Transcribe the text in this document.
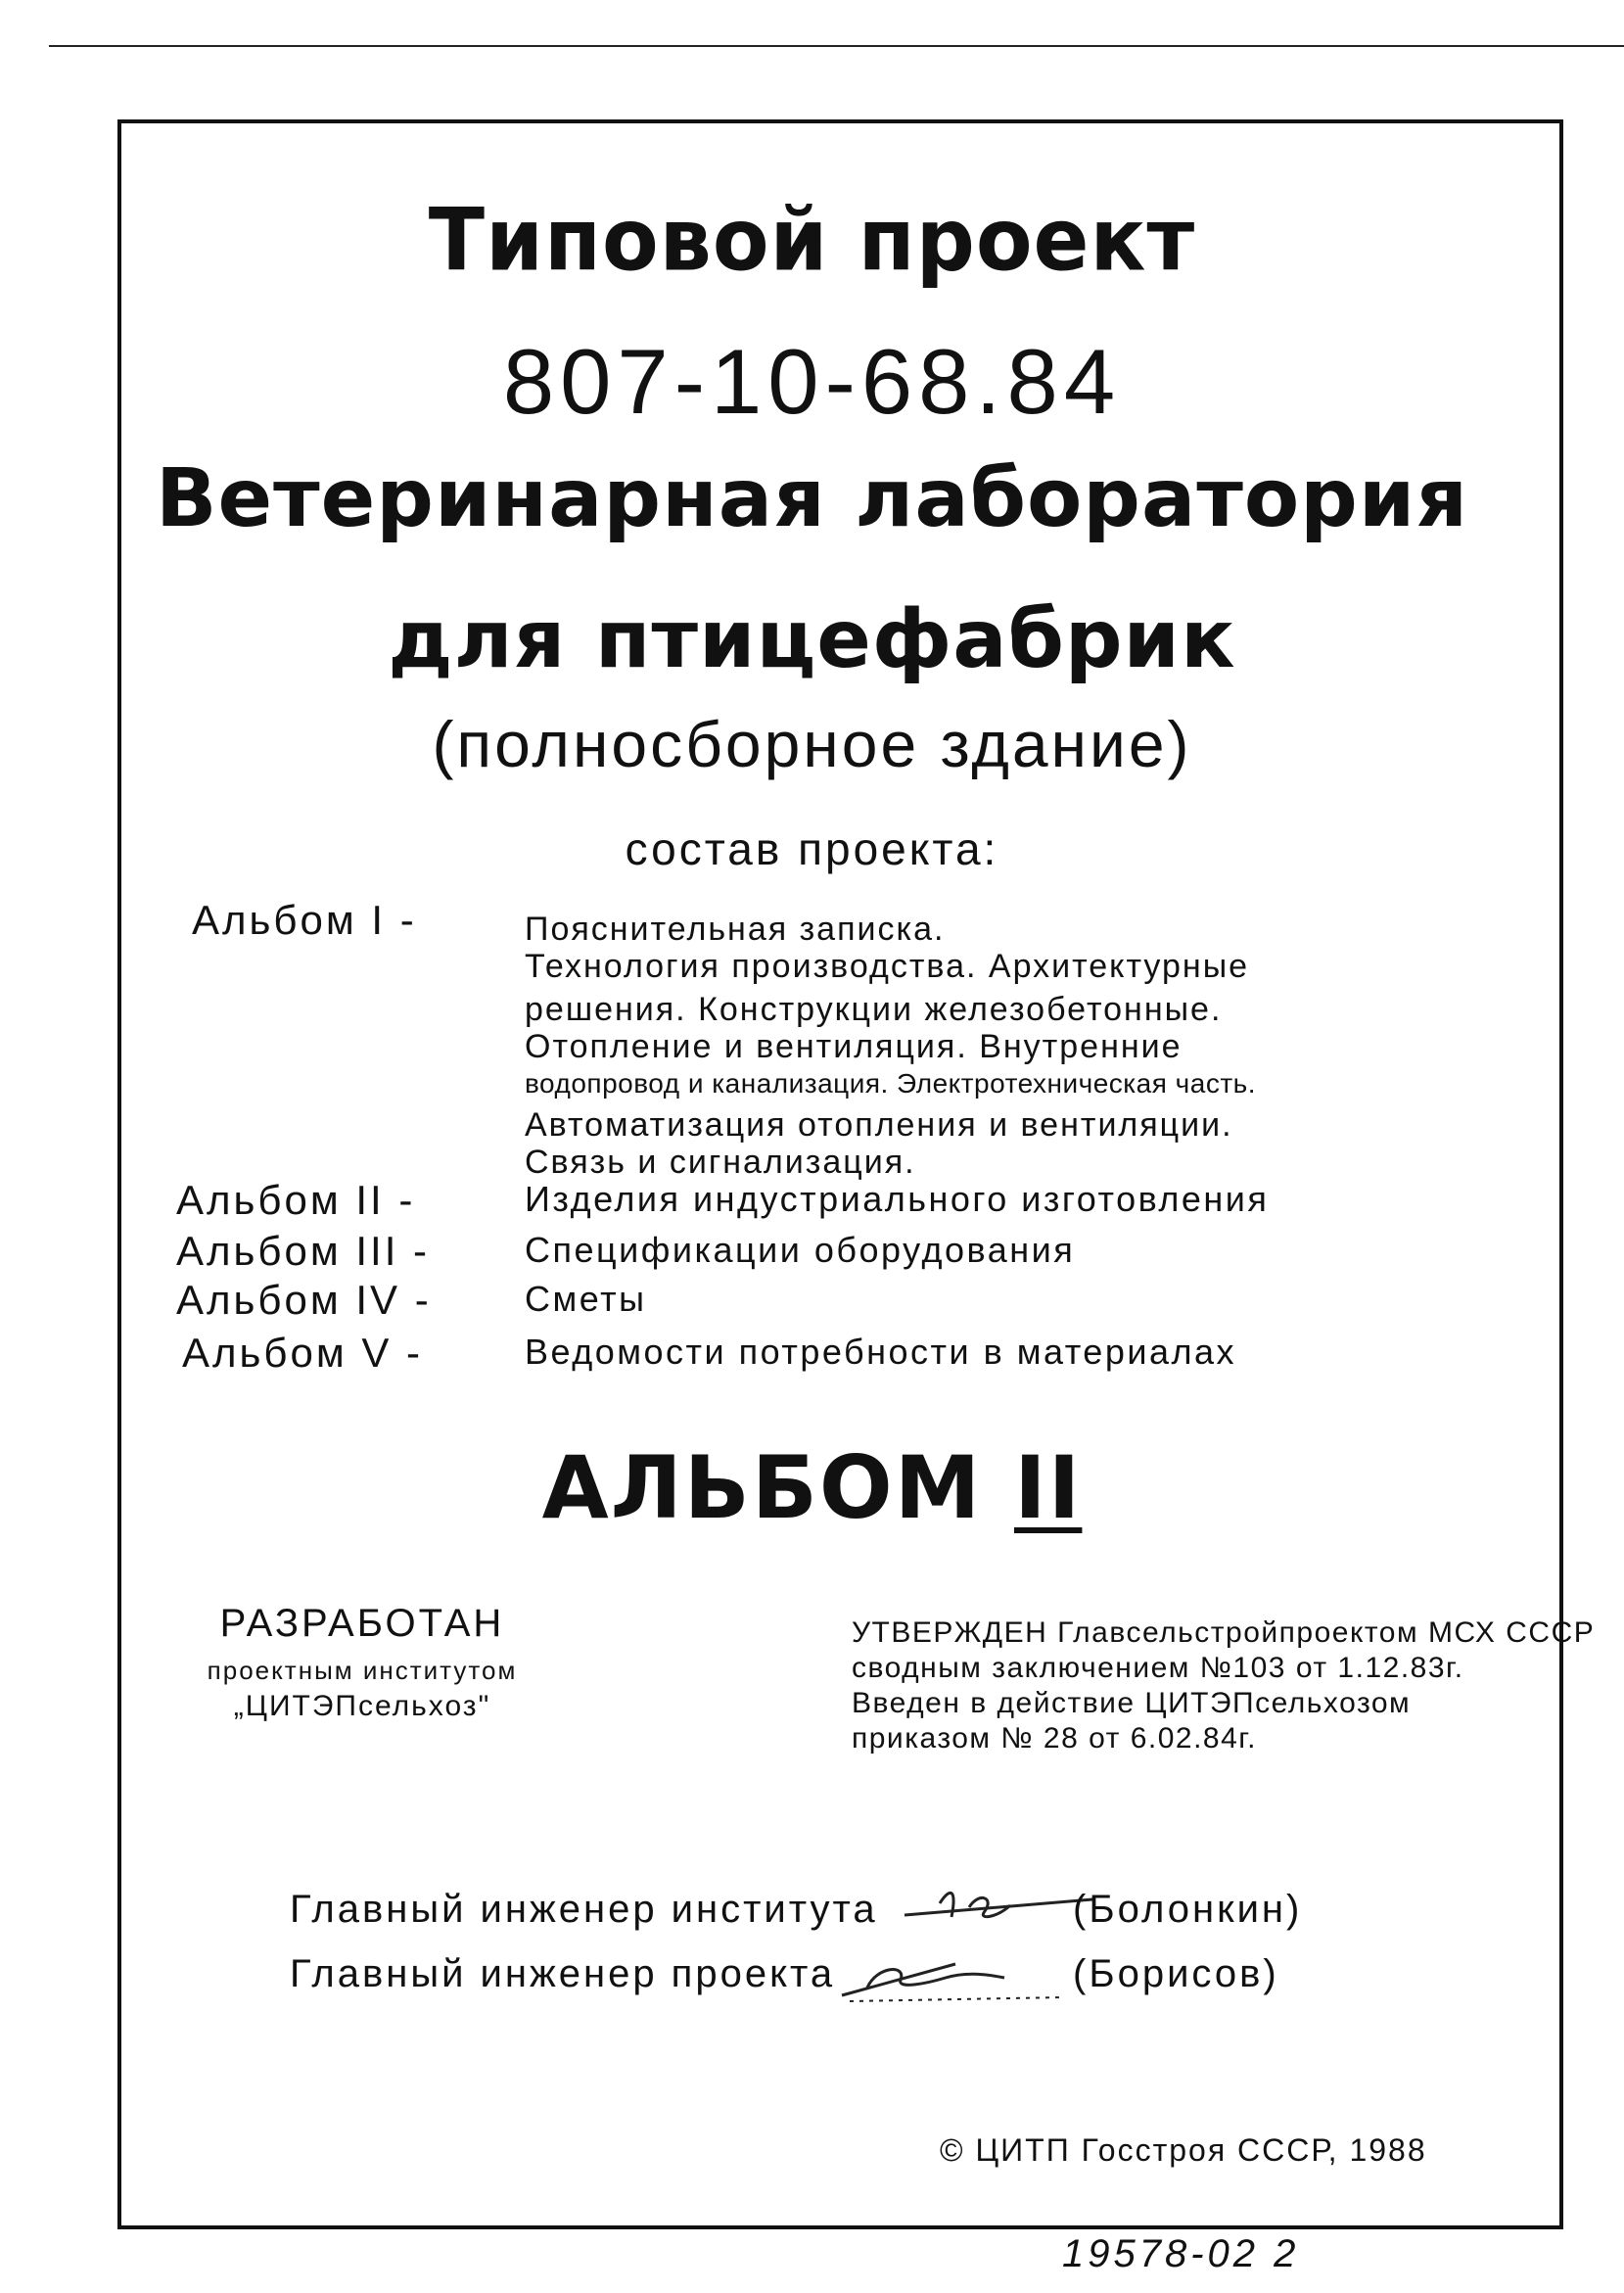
Типовой проект
807-10-68.84
Ветеринарная лаборатория
для птицефабрик
(полносборное здание)
состав проекта:
Альбом I -	Пояснительная записка.
Технология производства. Архитектурные
решения. Конструкции железобетонные.
Отопление и вентиляция. Внутренние
водопровод и канализация. Электротехническая часть.
Автоматизация отопления и вентиляции.
Связь и сигнализация.
Альбом II -	Изделия индустриального изготовления
Альбом III -	Спецификации оборудования
Альбом IV -	Сметы
Альбом V -	Ведомости потребности в материалах
АЛЬБОМ II
РАЗРАБОТАН
проектным институтом
„ЦИТЭПсельхоз"
УТВЕРЖДЕН Главсельстройпроектом МСХ СССР
сводным заключением №103 от 1.12.83г.
Введен в действие ЦИТЭПсельхозом
приказом № 28 от 6.02.84г.
Главный инженер института	(Болонкин)
Главный инженер проекта	(Борисов)
© ЦИТП Госстроя СССР, 1988
19578-02 2
